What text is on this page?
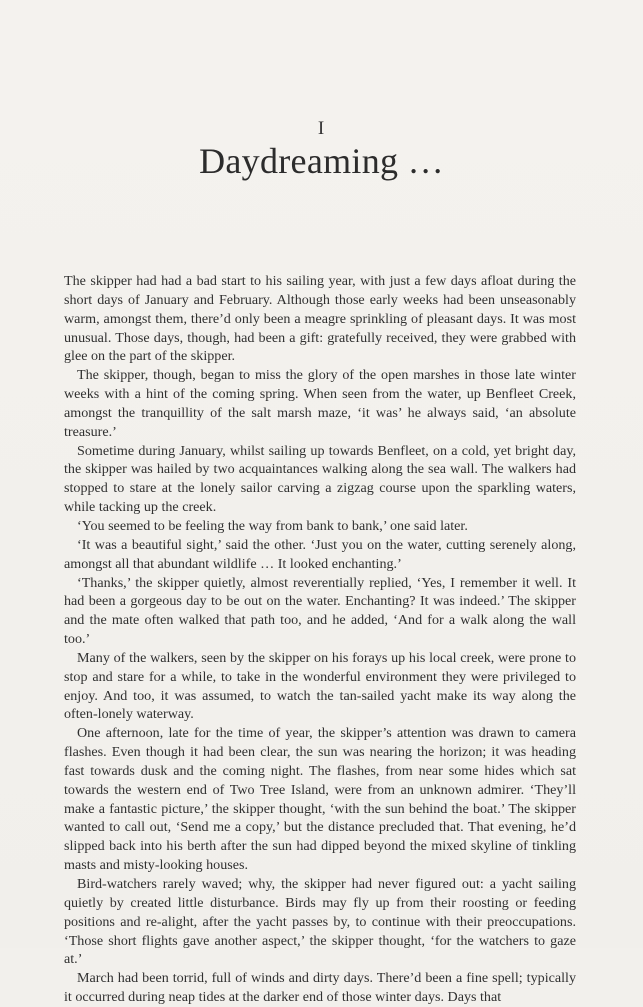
I
Daydreaming …

The skipper had had a bad start to his sailing year, with just a few days afloat during the short days of January and February. Although those early weeks had been unseasonably warm, amongst them, there’d only been a meagre sprinkling of pleasant days. It was most unusual. Those days, though, had been a gift: gratefully received, they were grabbed with glee on the part of the skipper.

The skipper, though, began to miss the glory of the open marshes in those late winter weeks with a hint of the coming spring. When seen from the water, up Benfleet Creek, amongst the tranquillity of the salt marsh maze, ‘it was’ he always said, ‘an absolute treasure.’

Sometime during January, whilst sailing up towards Benfleet, on a cold, yet bright day, the skipper was hailed by two acquaintances walking along the sea wall. The walkers had stopped to stare at the lonely sailor carving a zigzag course upon the sparkling waters, while tacking up the creek.

‘You seemed to be feeling the way from bank to bank,’ one said later.

‘It was a beautiful sight,’ said the other. ‘Just you on the water, cutting serenely along, amongst all that abundant wildlife … It looked enchanting.’

‘Thanks,’ the skipper quietly, almost reverentially replied, ‘Yes, I remember it well. It had been a gorgeous day to be out on the water. Enchanting? It was indeed.’ The skipper and the mate often walked that path too, and he added, ‘And for a walk along the wall too.’

Many of the walkers, seen by the skipper on his forays up his local creek, were prone to stop and stare for a while, to take in the wonderful environment they were privileged to enjoy. And too, it was assumed, to watch the tan-sailed yacht make its way along the often-lonely waterway.

One afternoon, late for the time of year, the skipper’s attention was drawn to camera flashes. Even though it had been clear, the sun was nearing the horizon; it was heading fast towards dusk and the coming night. The flashes, from near some hides which sat towards the western end of Two Tree Island, were from an unknown admirer. ‘They’ll make a fantastic picture,’ the skipper thought, ‘with the sun behind the boat.’ The skipper wanted to call out, ‘Send me a copy,’ but the distance precluded that. That evening, he’d slipped back into his berth after the sun had dipped beyond the mixed skyline of tinkling masts and misty-looking houses.

Bird-watchers rarely waved; why, the skipper had never figured out: a yacht sailing quietly by created little disturbance. Birds may fly up from their roosting or feeding positions and re-alight, after the yacht passes by, to continue with their preoccupations. ‘Those short flights gave another aspect,’ the skipper thought, ‘for the watchers to gaze at.’

March had been torrid, full of winds and dirty days. There’d been a fine spell; typically it occurred during neap tides at the darker end of those winter days. Days that
